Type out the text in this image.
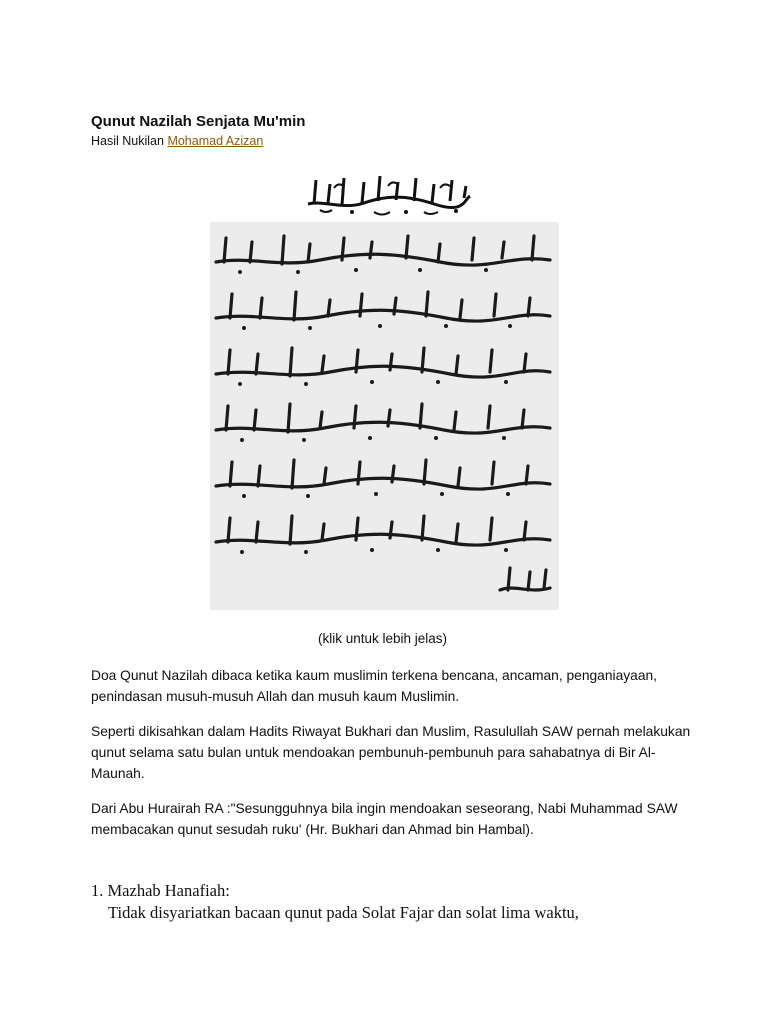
Qunut Nazilah Senjata Mu'min
Hasil Nukilan Mohamad Azizan
(klik untuk lebih jelas)

Doa Qunut Nazilah dibaca ketika kaum muslimin terkena bencana, ancaman, penganiayaan, penindasan musuh-musuh Allah dan musuh kaum Muslimin.

Seperti dikisahkan dalam Hadits Riwayat Bukhari dan Muslim, Rasulullah SAW pernah melakukan qunut selama satu bulan untuk mendoakan pembunuh-pembunuh para sahabatnya di Bir Al-Maunah.

Dari Abu Hurairah RA :"Sesungguhnya bila ingin mendoakan seseorang, Nabi Muhammad SAW membacakan qunut sesudah ruku' (Hr. Bukhari dan Ahmad bin Hambal).

1. Mazhab Hanafiah:
Tidak disyariatkan bacaan qunut pada Solat Fajar dan solat lima waktu,
